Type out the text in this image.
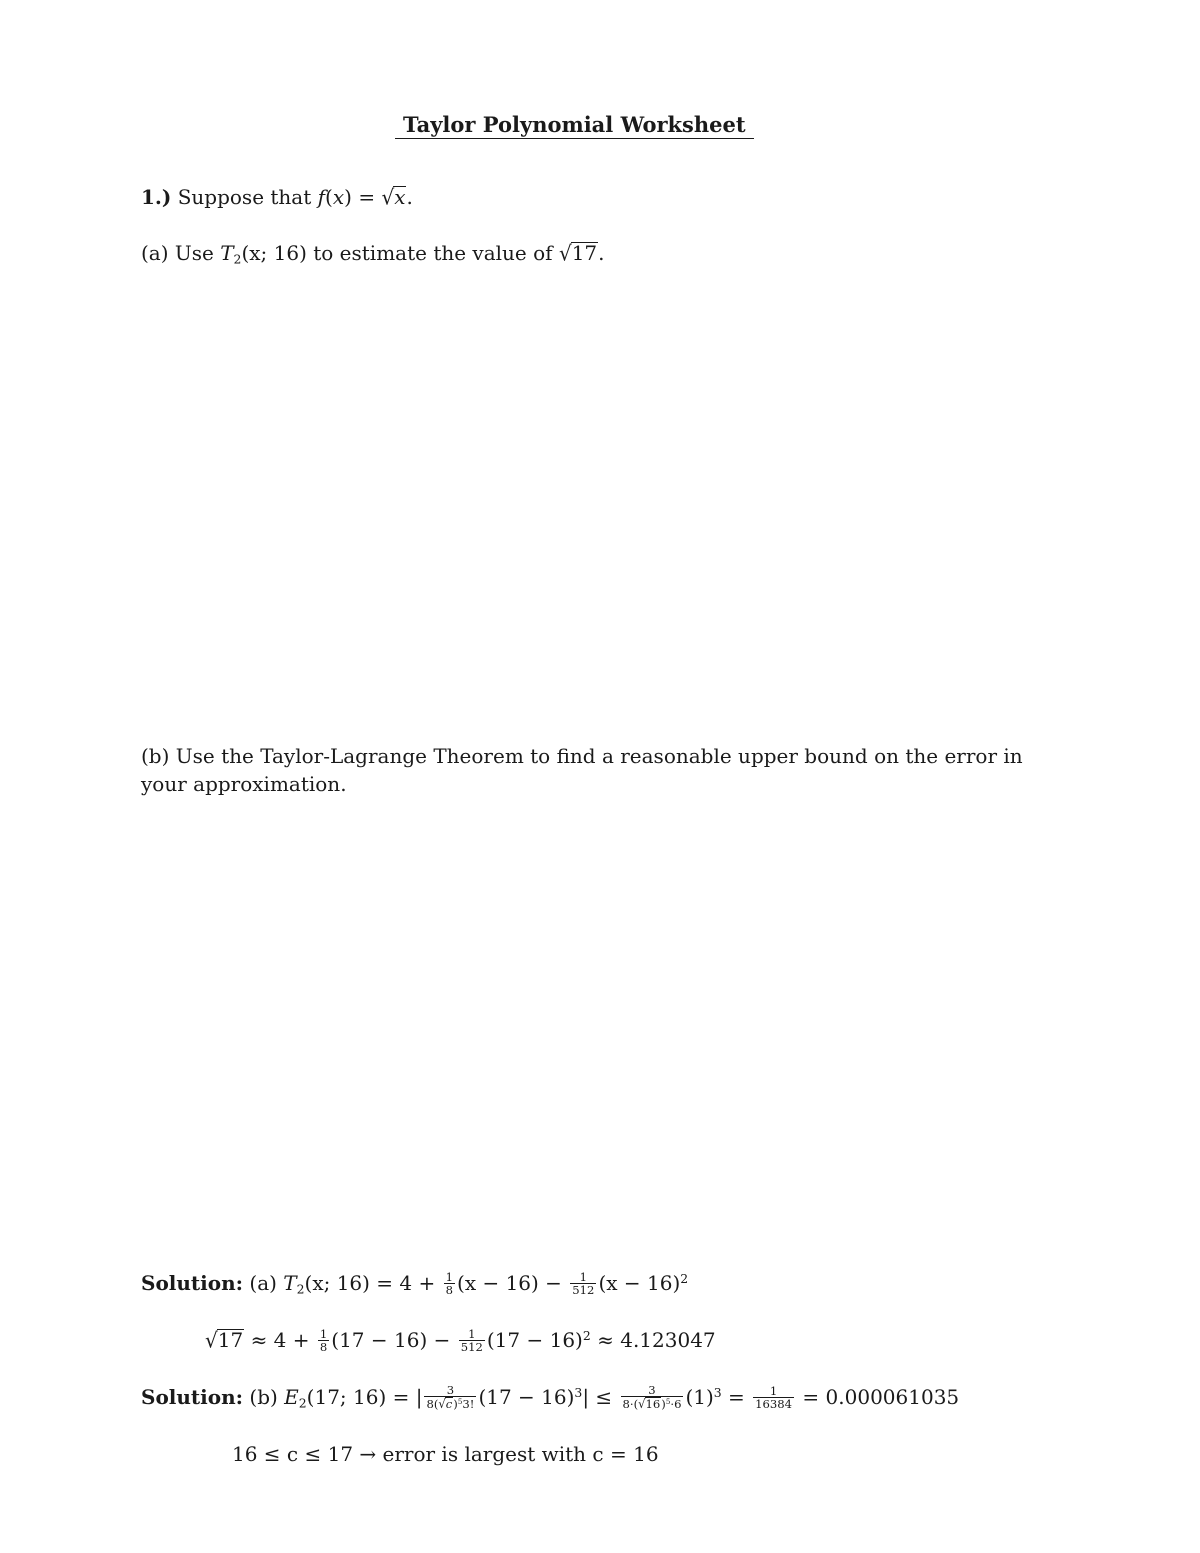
Taylor Polynomial Worksheet
1.) Suppose that f(x) = √x.
(a) Use $T_2(x$; 16) to estimate the value of √17.
(b) Use the Taylor-Lagrange Theorem to find a reasonable upper bound on the error in your approximation.
Solution: (a) $T_2(x$; $16) = 4 + \frac{1}{8} (x - 16) - \frac{1}{512} (x - 16)^2$
$√17 \approx 4 + \frac{1}{8} (17 - 16) - \frac{1}{512} (17 - 16)^2 \approx 4.123047$
Solution: (b) $E_2(17$; 16) = | $\frac{3}{8(√c)^53!} (17 - 16)^3| \le \frac{3}{8\cdot(√16)^5\cdot 6} (1)^3 = \frac{1}{16384} = 0.000061035$
16 ≤ c ≤ 17 → error is largest with c = 16
